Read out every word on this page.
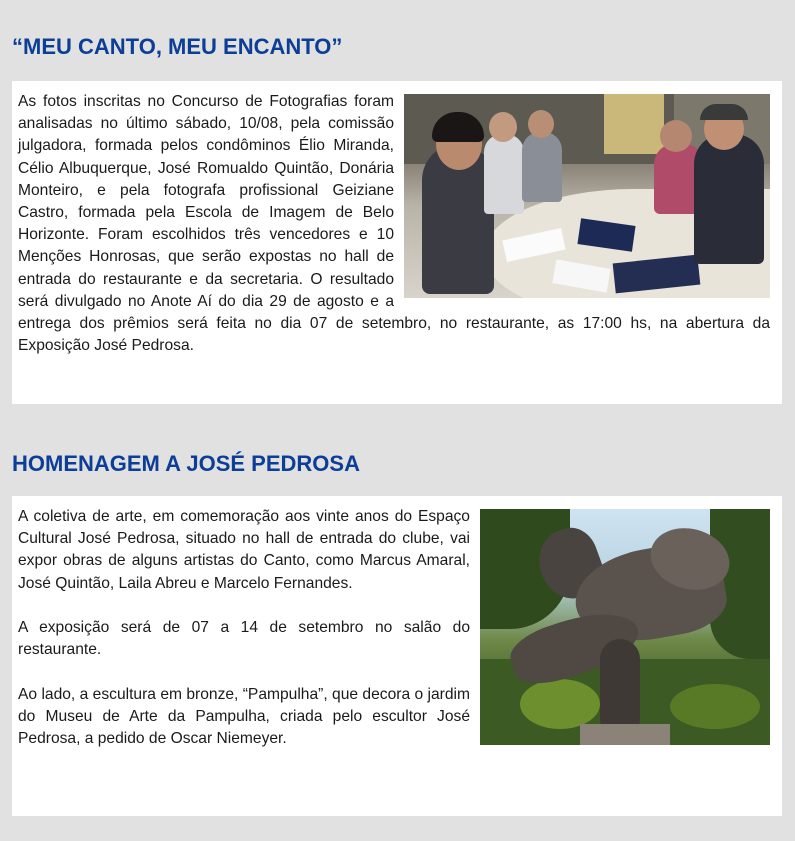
“MEU CANTO, MEU ENCANTO”

As fotos inscritas no Concurso de Fotografias foram analisadas no último sábado, 10/08, pela comissão julgadora, formada pelos condôminos Élio Miranda, Célio Albuquerque, José Romualdo Quintão, Donária Monteiro, e pela fotografa profissional Geiziane Castro, formada pela Escola de Imagem de Belo Horizonte. Foram escolhidos três vencedores e 10 Menções Honrosas, que serão expostas no hall de entrada do restaurante e da secretaria. O resultado será divulgado no Anote Aí do dia 29 de agosto e a entrega dos prêmios será feita no dia 07 de setembro, no restaurante, as 17:00 hs, na abertura da Exposição José Pedrosa.

HOMENAGEM A JOSÉ PEDROSA

A coletiva de arte, em comemoração aos vinte anos do Espaço Cultural José Pedrosa, situado no hall de entrada do clube, vai expor obras de alguns artistas do Canto, como Marcus Amaral, José Quintão, Laila Abreu e Marcelo Fernandes.

A exposição será de 07 a 14 de setembro no salão do restaurante.

Ao lado, a escultura em bronze, “Pampulha”, que decora o jardim do Museu de Arte da Pampulha, criada pelo escultor José Pedrosa, a pedido de Oscar Niemeyer.
